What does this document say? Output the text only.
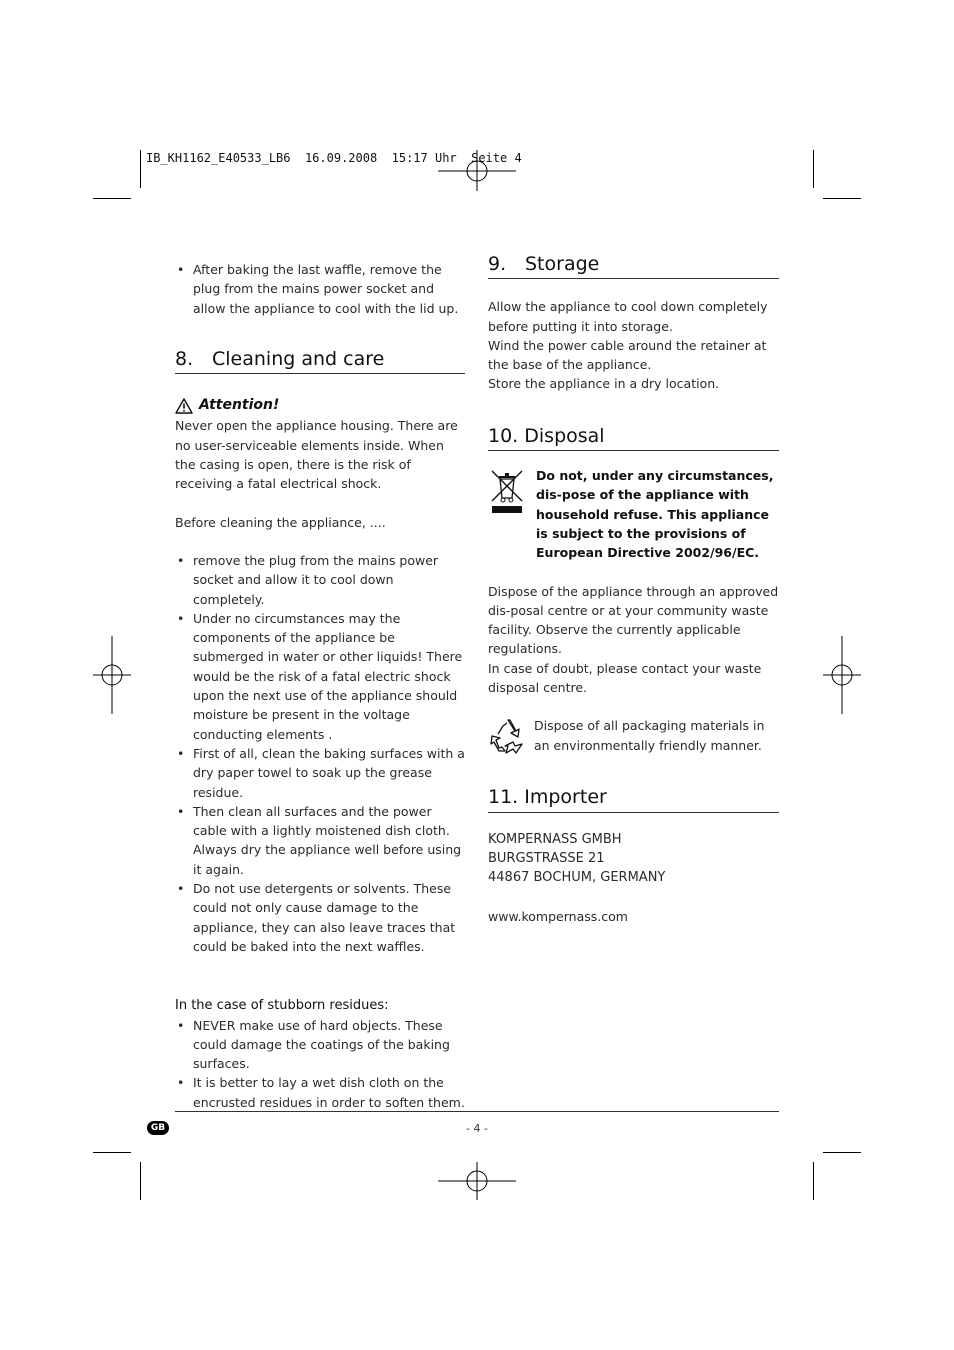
IB_KH1162_E40533_LB6  16.09.2008  15:17 Uhr  Seite 4
• After baking the last waffle, remove the plug from the mains power socket and allow the appliance to cool with the lid up.
8. Cleaning and care
Attention!

Never open the appliance housing. There are no user-serviceable elements inside. When the casing is open, there is the risk of receiving a fatal electrical shock.

Before cleaning the appliance, ....

• remove the plug from the mains power socket and allow it to cool down completely.
• Under no circumstances may the components of the appliance be submerged in water or other liquids! There would be the risk of a fatal electric shock upon the next use of the appliance should moisture be present in the voltage conducting elements .
• First of all, clean the baking surfaces with a dry paper towel to soak up the grease residue.
• Then clean all surfaces and the power cable with a lightly moistened dish cloth. Always dry the appliance well before using it again.
• Do not use detergents or solvents. These could not only cause damage to the appliance, they can also leave traces that could be baked into the next waffles.
In the case of stubborn residues:
• NEVER make use of hard objects. These could damage the coatings of the baking surfaces.
• It is better to lay a wet dish cloth on the encrusted residues in order to soften them.
9. Storage

Allow the appliance to cool down completely before putting it into storage.

Wind the power cable around the retainer at the base of the appliance.

Store the appliance in a dry location.

10. Disposal
Do not, under any circumstances, dis-pose of the appliance with household refuse. This appliance is subject to the provisions of European Directive 2002/96/EC.

Dispose of the appliance through an approved dis-posal centre or at your community waste facility. Observe the currently applicable regulations.

In case of doubt, please contact your waste disposal centre.

Dispose of all packaging materials in an environmentally friendly manner.
11. Importer

KOMPERNASS GMBH

BURGSTRASSE 21

44867 BOCHUM, GERMANY

www.kompernass.com

GB	- 4 -
